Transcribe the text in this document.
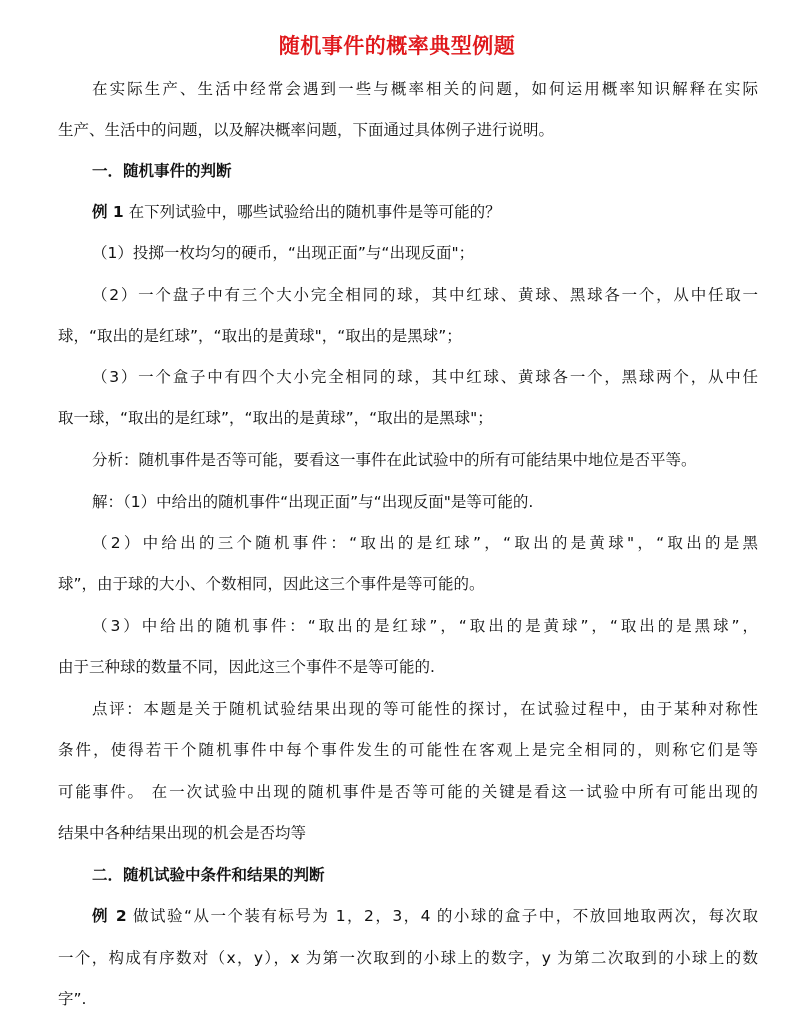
随机事件的概率典型例题
在实际生产、生活中经常会遇到一些与概率相关的问题，如何运用概率知识解释在实际
生产、生活中的问题，以及解决概率问题，下面通过具体例子进行说明。
一．随机事件的判断
例 1 在下列试验中，哪些试验给出的随机事件是等可能的？
（1）投掷一枚均匀的硬币，“出现正面”与“出现反面"；
（2）一个盘子中有三个大小完全相同的球，其中红球、黄球、黑球各一个，从中任取一
球，“取出的是红球”，“取出的是黄球"，“取出的是黑球”；
（3）一个盒子中有四个大小完全相同的球，其中红球、黄球各一个，黑球两个，从中任
取一球，“取出的是红球”，“取出的是黄球”，“取出的是黑球"；
分析：随机事件是否等可能，要看这一事件在此试验中的所有可能结果中地位是否平等。
解：（1）中给出的随机事件“出现正面”与“出现反面"是等可能的.
（2）中给出的三个随机事件：“取出的是红球”，“取出的是黄球"，“取出的是黑
球”，由于球的大小、个数相同，因此这三个事件是等可能的。
（3）中给出的随机事件：“取出的是红球”，“取出的是黄球”，“取出的是黑球”，
由于三种球的数量不同，因此这三个事件不是等可能的.
点评：本题是关于随机试验结果出现的等可能性的探讨，在试验过程中，由于某种对称性
条件，使得若干个随机事件中每个事件发生的可能性在客观上是完全相同的，则称它们是等
可能事件。 在一次试验中出现的随机事件是否等可能的关键是看这一试验中所有可能出现的
结果中各种结果出现的机会是否均等
二．随机试验中条件和结果的判断
例 2 做试验“从一个装有标号为 1，2，3，4 的小球的盒子中，不放回地取两次，每次取
一个，构成有序数对（x，y），x 为第一次取到的小球上的数字，y 为第二次取到的小球上的数
字”.
